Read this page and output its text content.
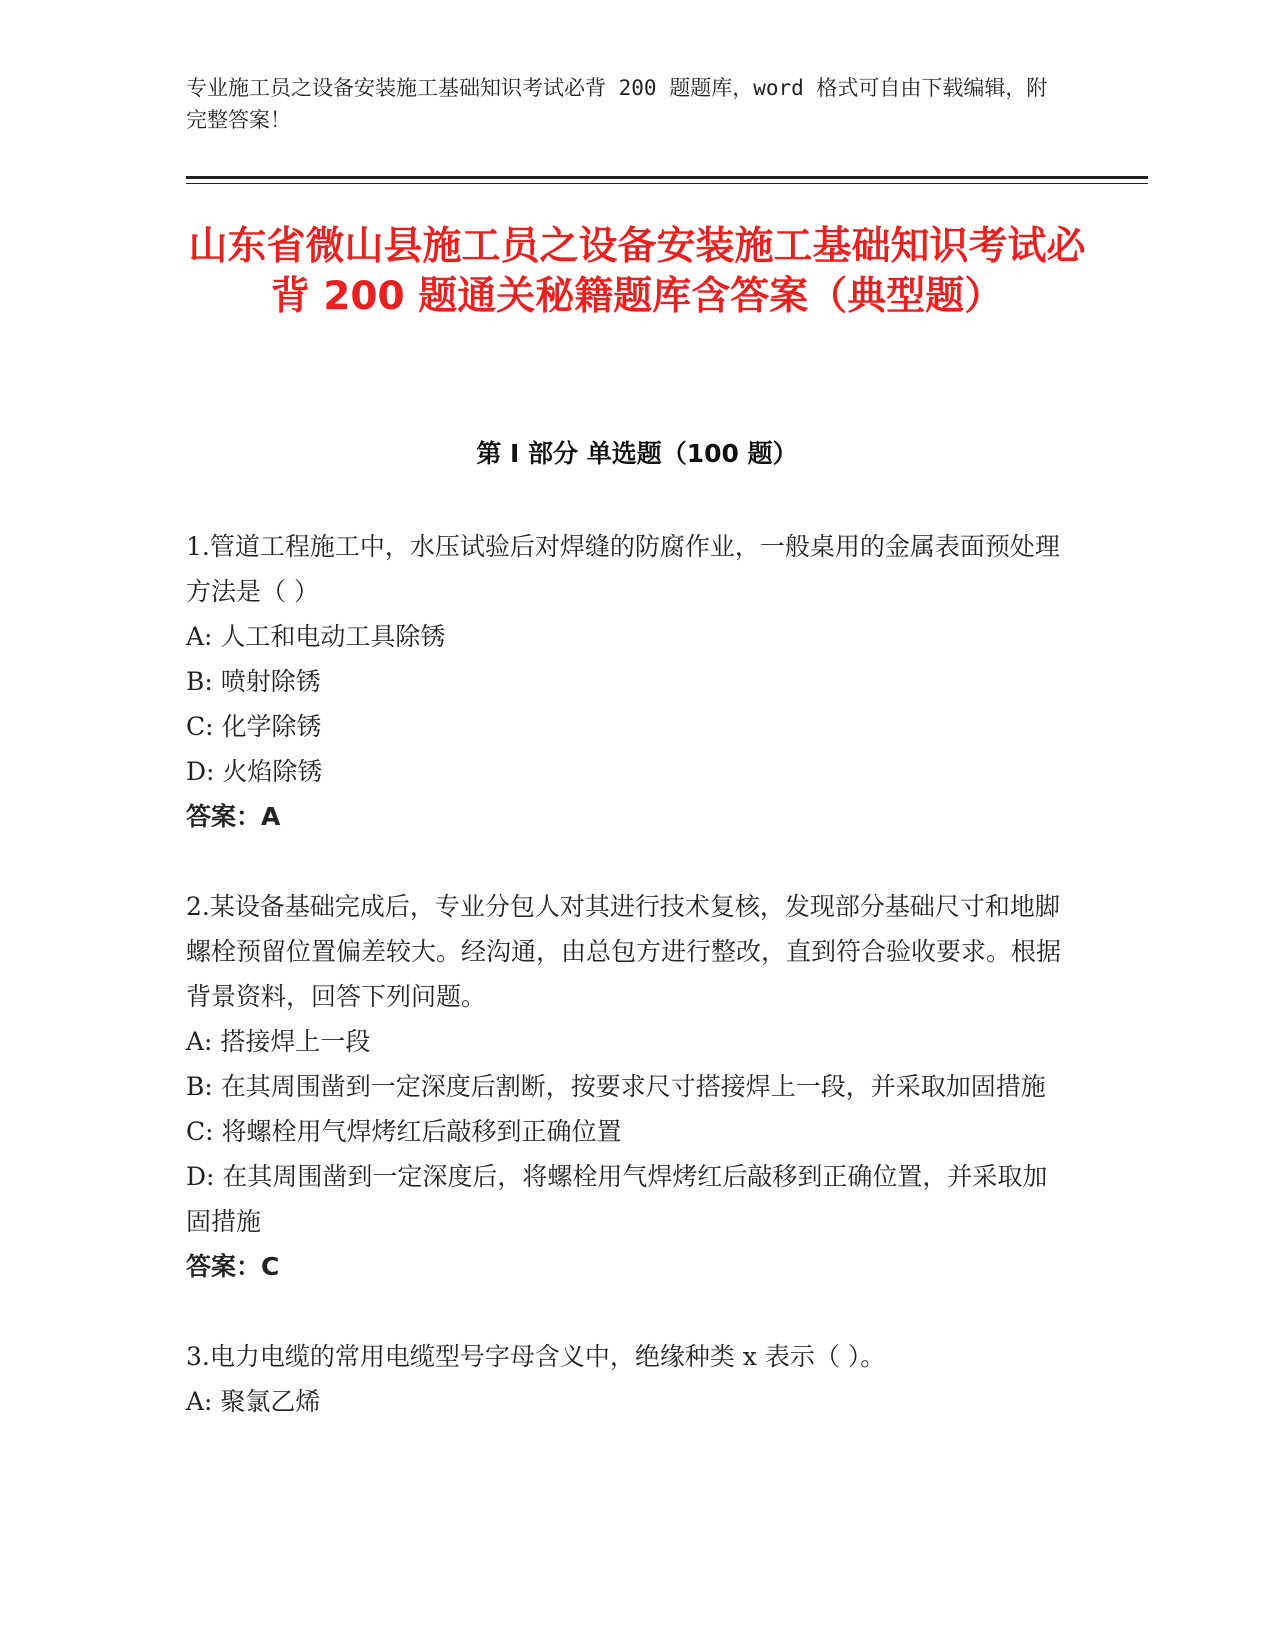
专业施工员之设备安装施工基础知识考试必背 200 题题库，word 格式可自由下载编辑，附完整答案！
山东省微山县施工员之设备安装施工基础知识考试必背 200 题通关秘籍题库含答案（典型题）
第 I 部分 单选题（100 题）

1.管道工程施工中，水压试验后对焊缝的防腐作业，一般桌用的金属表面预处理方法是（ ）

A: 人工和电动工具除锈

B: 喷射除锈

C: 化学除锈

D: 火焰除锈

答案：A

2.某设备基础完成后，专业分包人对其进行技术复核，发现部分基础尺寸和地脚螺栓预留位置偏差较大。经沟通，由总包方进行整改，直到符合验收要求。根据背景资料，回答下列问题。

A: 搭接焊上一段

B: 在其周围凿到一定深度后割断，按要求尺寸搭接焊上一段，并采取加固措施

C: 将螺栓用气焊烤红后敲移到正确位置

D: 在其周围凿到一定深度后，将螺栓用气焊烤红后敲移到正确位置，并采取加固措施

答案：C

3.电力电缆的常用电缆型号字母含义中，绝缘种类 x 表示（ ）。

A: 聚氯乙烯
